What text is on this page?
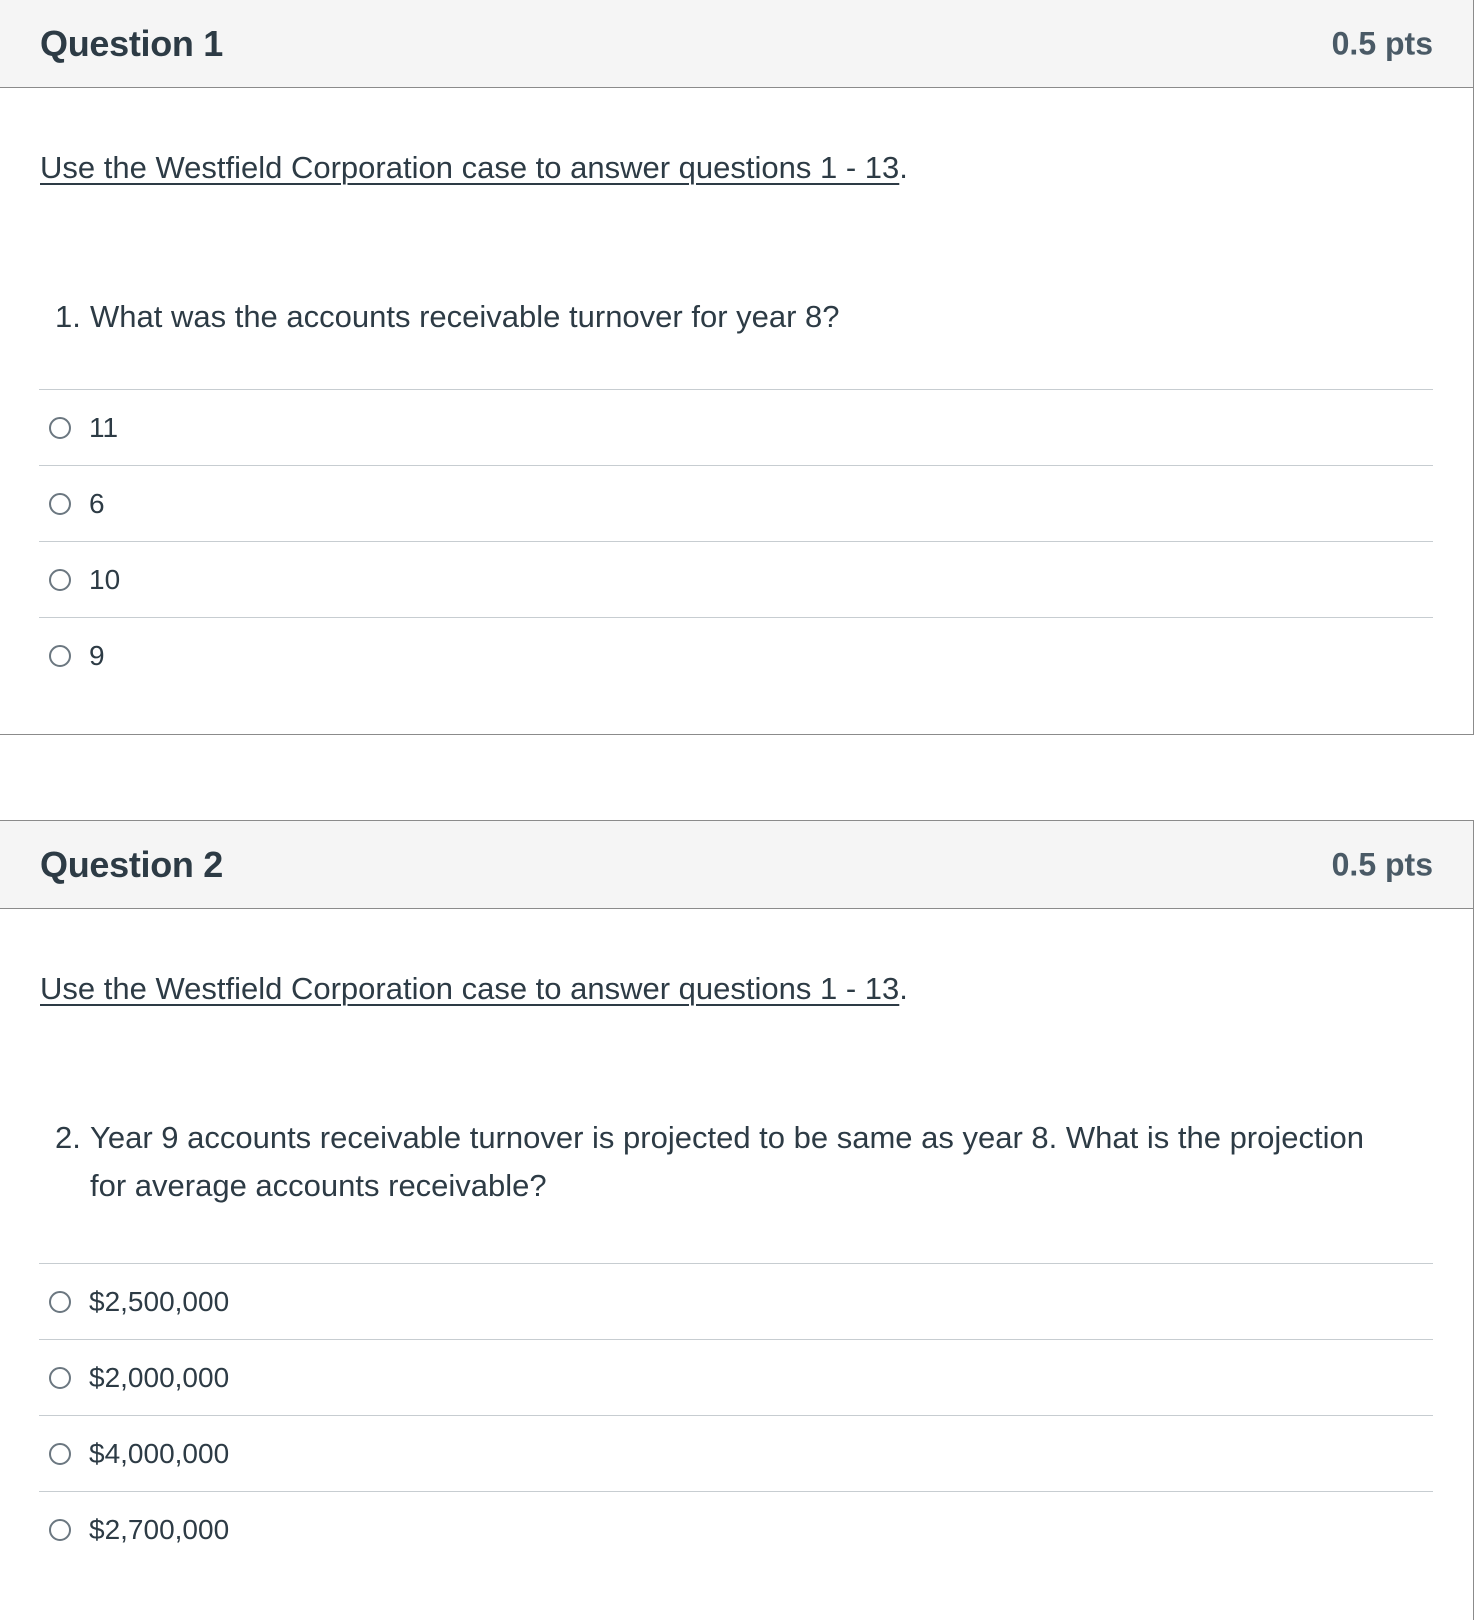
Question 1	0.5 pts
Use the Westfield Corporation case to answer questions 1 - 13.
1. What was the accounts receivable turnover for year 8?
11
6
10
9
Question 2	0.5 pts
Use the Westfield Corporation case to answer questions 1 - 13.
2. Year 9 accounts receivable turnover is projected to be same as year 8. What is the projection
for average accounts receivable?
$2,500,000
$2,000,000
$4,000,000
$2,700,000
